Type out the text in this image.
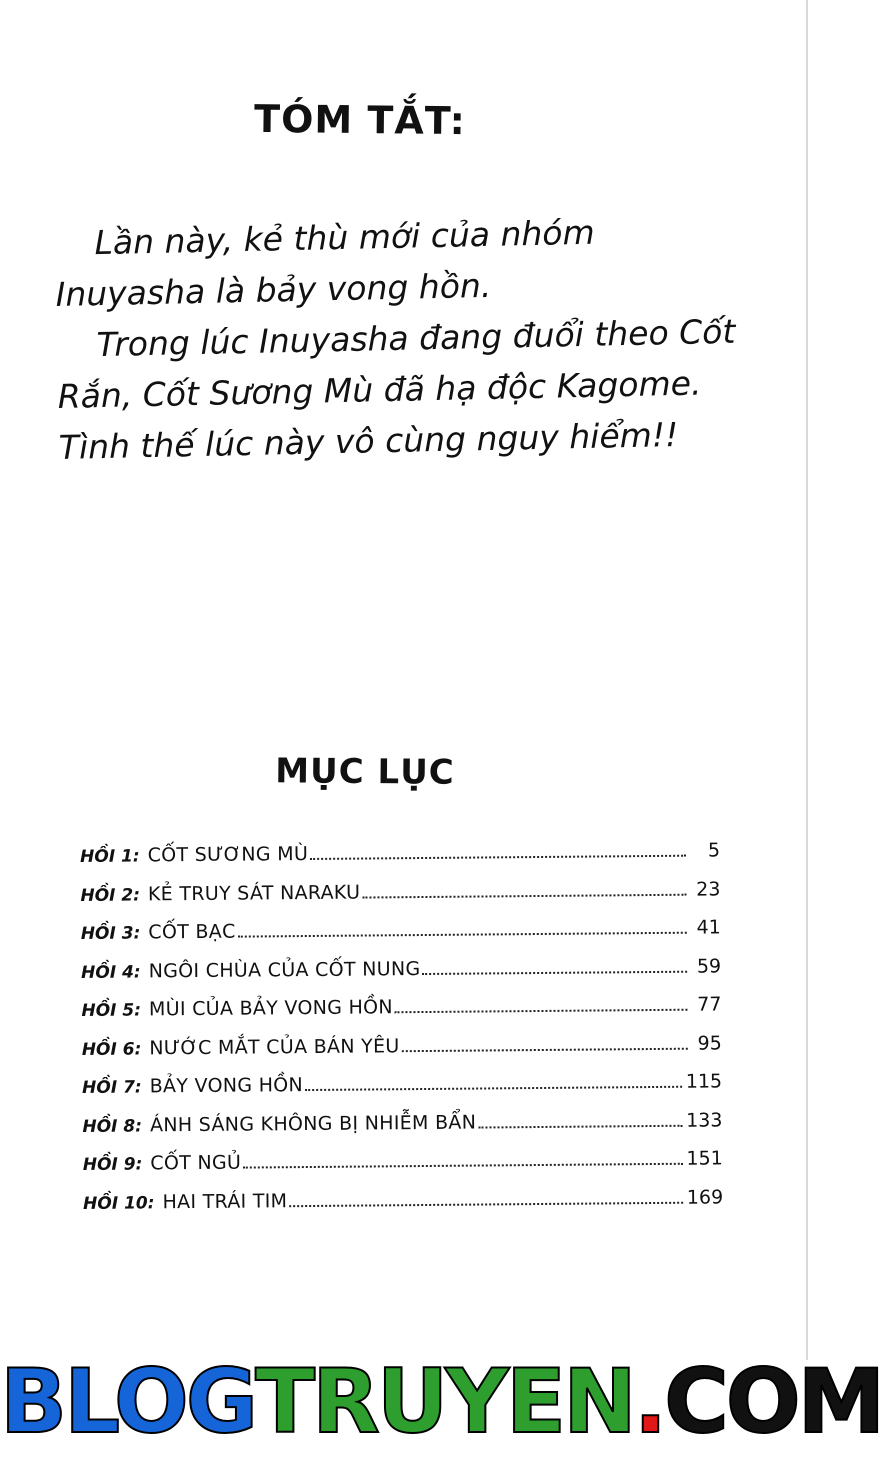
TÓM TẮT:

Lần này, kẻ thù mới của nhóm Inuyasha là bảy vong hồn.

Trong lúc Inuyasha đang đuổi theo Cốt Rắn, Cốt Sương Mù đã hạ độc Kagome. Tình thế lúc này vô cùng nguy hiểm!!

MỤC LỤC
HỒI 1: CỐT SƯƠNG MÙ	5
HỒI 2: KẺ TRUY SÁT NARAKU	23
HỒI 3: CỐT BẠC	41
HỒI 4: NGÔI CHÙA CỦA CỐT NUNG	59
HỒI 5: MÙI CỦA BẢY VONG HỒN	77
HỒI 6: NƯỚC MẮT CỦA BÁN YÊU	95
HỒI 7: BẢY VONG HỒN	115
HỒI 8: ÁNH SÁNG KHÔNG BỊ NHIỄM BẨN	133
HỒI 9: CỐT NGỦ	151
HỒI 10: HAI TRÁI TIM	169
BLOG TRUYEN . COM
